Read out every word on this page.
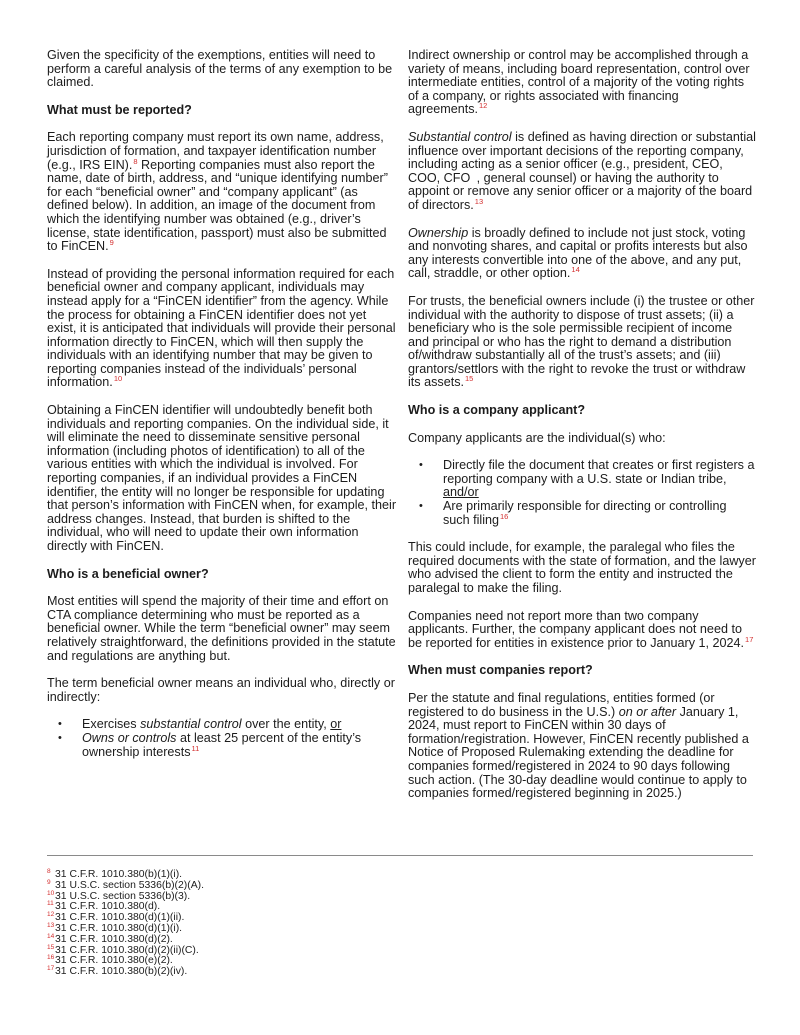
Given the specificity of the exemptions, entities will need to perform a careful analysis of the terms of any exemption to be claimed.

What must be reported?

Each reporting company must report its own name, address, jurisdiction of formation, and taxpayer identification number (e.g., IRS EIN).$^8$ Reporting companies must also report the name, date of birth, address, and “unique identifying number” for each “beneficial owner” and “company applicant” (as defined below). In addition, an image of the document from which the identifying number was obtained (e.g., driver’s license, state identification, passport) must also be submitted to FinCEN.$^9$

Instead of providing the personal information required for each beneficial owner and company applicant, individuals may instead apply for a “FinCEN identifier” from the agency. While the process for obtaining a FinCEN identifier does not yet exist, it is anticipated that individuals will provide their personal information directly to FinCEN, which will then supply the individuals with an identifying number that may be given to reporting companies instead of the individuals’ personal information.$^{10}$

Obtaining a FinCEN identifier will undoubtedly benefit both individuals and reporting companies. On the individual side, it will eliminate the need to disseminate sensitive personal information (including photos of identification) to all of the various entities with which the individual is involved. For reporting companies, if an individual provides a FinCEN identifier, the entity will no longer be responsible for updating that person’s information with FinCEN when, for example, their address changes. Instead, that burden is shifted to the individual, who will need to update their own information directly with FinCEN.

Who is a beneficial owner?

Most entities will spend the majority of their time and effort on CTA compliance determining who must be reported as a beneficial owner. While the term “beneficial owner” may seem relatively straightforward, the definitions provided in the statute and regulations are anything but.

The term beneficial owner means an individual who, directly or indirectly:

• Exercises substantial control over the entity, or
• Owns or controls at least 25 percent of the entity’s ownership interests$^{11}$

Indirect ownership or control may be accomplished through a variety of means, including board representation, control over intermediate entities, control of a majority of the voting rights of a company, or rights associated with financing agreements.$^{12}$

Substantial control is defined as having direction or substantial influence over important decisions of the reporting company, including acting as a senior officer (e.g., president, CEO, COO, CFO , general counsel) or having the authority to appoint or remove any senior officer or a majority of the board of directors.$^{13}$

Ownership is broadly defined to include not just stock, voting and nonvoting shares, and capital or profits interests but also any interests convertible into one of the above, and any put, call, straddle, or other option.$^{14}$

For trusts, the beneficial owners include (i) the trustee or other individual with the authority to dispose of trust assets; (ii) a beneficiary who is the sole permissible recipient of income and principal or who has the right to demand a distribution of/withdraw substantially all of the trust’s assets; and (iii) grantors/settlors with the right to revoke the trust or withdraw its assets.$^{15}$

Who is a company applicant?

Company applicants are the individual(s) who:

• Directly file the document that creates or first registers a reporting company with a U.S. state or Indian tribe, and/or
• Are primarily responsible for directing or controlling such filing$^{16}$

This could include, for example, the paralegal who files the required documents with the state of formation, and the lawyer who advised the client to form the entity and instructed the paralegal to make the filing.

Companies need not report more than two company applicants. Further, the company applicant does not need to be reported for entities in existence prior to January 1, 2024.17

When must companies report?

Per the statute and final regulations, entities formed (or registered to do business in the U.S.) on or after January 1, 2024, must report to FinCEN within 30 days of formation/registration. However, FinCEN recently published a Notice of Proposed Rulemaking extending the deadline for companies formed/registered in 2024 to 90 days following such action. (The 30-day deadline would continue to apply to companies formed/registered beginning in 2025.)

8 31 C.F.R. 1010.380(b)(1)(i).
9 31 U.S.C. section 5336(b)(2)(A).
1031 U.S.C. section 5336(b)(3).
1131 C.F.R. 1010.380(d).
1231 C.F.R. 1010.380(d)(1)(ii).
1331 C.F.R. 1010.380(d)(1)(i).
1431 C.F.R. 1010.380(d)(2).
1531 C.F.R. 1010.380(d)(2)(ii)(C).
1631 C.F.R. 1010.380(e)(2).
1731 C.F.R. 1010.380(b)(2)(iv).
